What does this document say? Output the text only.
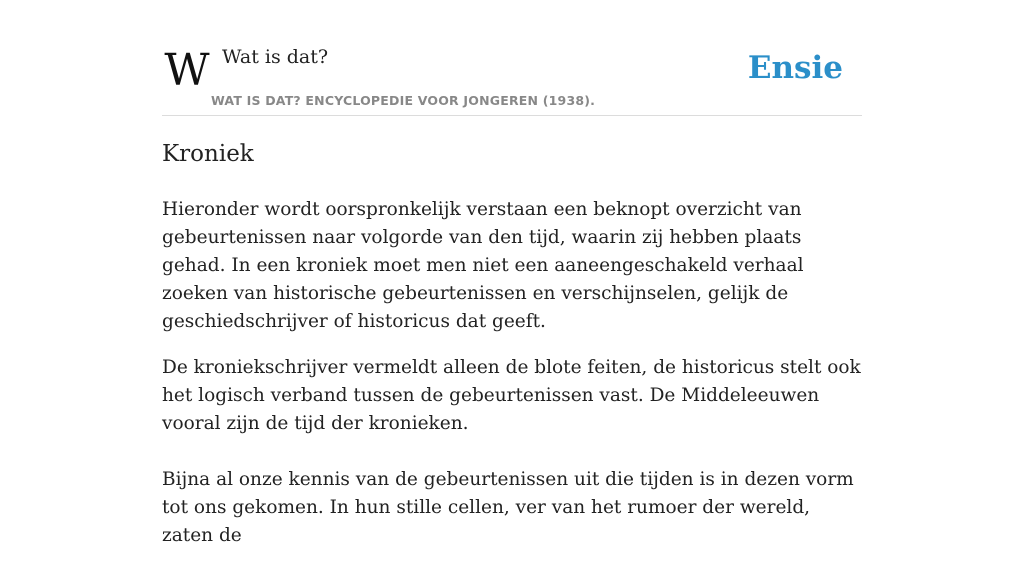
W Wat is dat?
WAT IS DAT? ENCYCLOPEDIE VOOR JONGEREN (1938).
Ensie
Kroniek

Hieronder wordt oorspronkelijk verstaan een beknopt overzicht van gebeurtenissen naar volgorde van den tijd, waarin zij hebben plaats gehad. In een kroniek moet men niet een aaneengeschakeld verhaal zoeken van historische gebeurtenissen en verschijnselen, gelijk de geschiedschrijver of historicus dat geeft.

De kroniekschrijver vermeldt alleen de blote feiten, de historicus stelt ook het logisch verband tussen de gebeurtenissen vast. De Middeleeuwen vooral zijn de tijd der kronieken.

Bijna al onze kennis van de gebeurtenissen uit die tijden is in dezen vorm tot ons gekomen. In hun stille cellen, ver van het rumoer der wereld, zaten de
